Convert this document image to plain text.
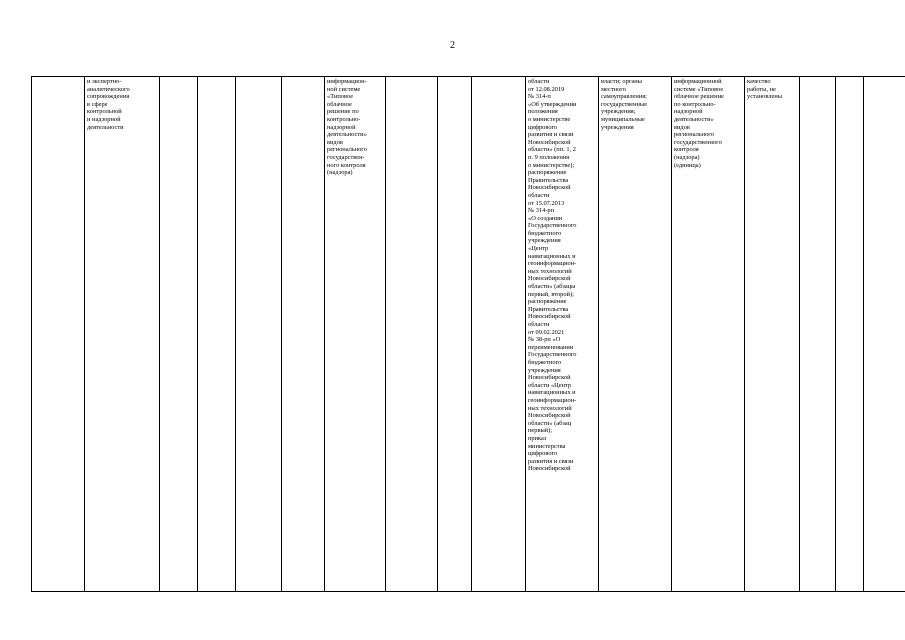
2
	и экспертно-
аналитического
сопровождения
в сфере
контрольной
и надзорной
деятельности					информацион-
ной системе
«Типовое
облачное
решение по
контрольно-
надзорной
деятельности»
видов
регионального
государствен-
ного контроля
(надзора)				области
от 12.08.2019
№ 314-п
«Об утверждении
положения
о министерстве
цифрового
развития и связи
Новосибирской
области» (пп. 1, 2
п. 9 положения
о министерстве);
распоряжение
Правительства
Новосибирской
области
от 15.07.2013
№ 314-рп
«О создании
Государственного
бюджетного
учреждения
«Центр
навигационных и
геоинформацион-
ных технологий
Новосибирской
области» (абзацы
первый, второй);
распоряжение
Правительства
Новосибирской
области
от 09.02.2021
№ 38-рп «О
переименовании
Государственного
бюджетного
учреждения
Новосибирской
области «Центр
навигационных и
геоинформацион-
ных технологий
Новосибирской
области» (абзац
первый);
приказ
министерства
цифрового
развития и связи
Новосибирской	власти; органы
местного
самоуправления;
государственные
учреждения;
муниципальные
учреждения	информационной
системе «Типовое
облачное решение
по контрольно-
надзорной
деятельности»
видов
регионального
государственного
контроля
(надзора)
(единица)	качество
работы, не
установлены			
